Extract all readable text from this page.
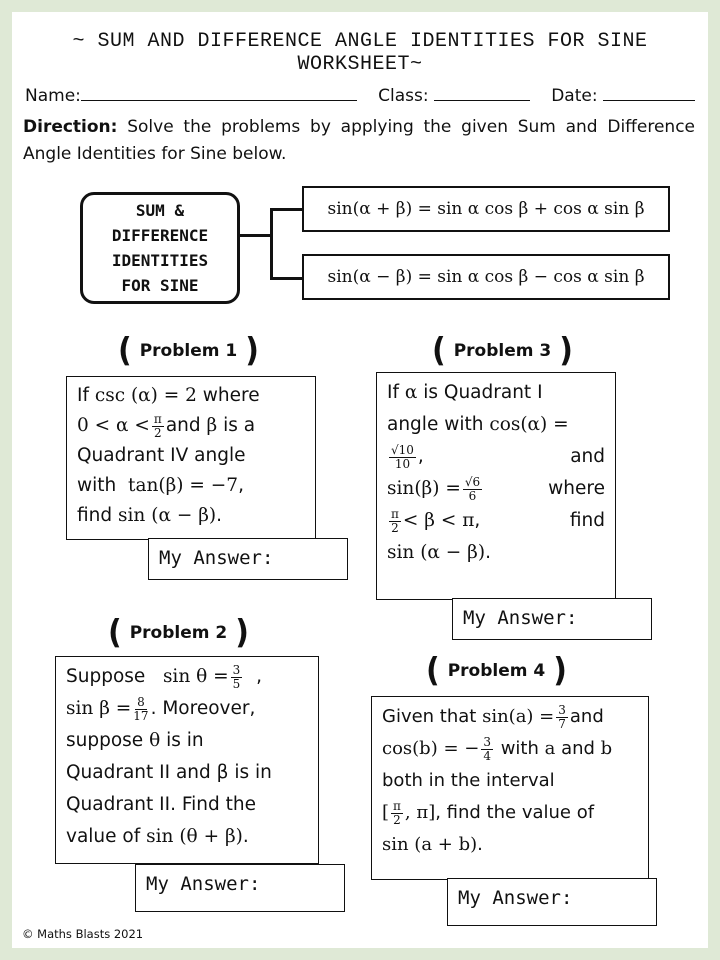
~ SUM AND DIFFERENCE ANGLE IDENTITIES FOR SINE WORKSHEET~
Name:	Class:	Date:
Direction: Solve the problems by applying the given Sum and Difference Angle Identities for Sine below.
SUM & DIFFERENCE IDENTITIES FOR SINE
sin(α + β) = sin α cos β + cos α sin β
sin(α − β) = sin α cos β − cos α sin β
( Problem 1 )
If csc (α) = 2 where
$0 < \alpha < \frac{\pi}{2}$ and β is a
Quadrant IV angle
with  tan(β) = −7,
find sin (α − β).
My Answer:
( Problem 3 )
If α is Quadrant I
angle with cos(α) =

$\frac{√10}{10}$ ,	and

$\sin(\beta) = \frac{√6}{6}$	where

$\frac{\pi}{2} < \beta < \pi$,	find

sin (α − β).
My Answer:
( Problem 2 )
Suppose   $\sin \theta = \frac{3}{5}$ ,
$\sin \beta = \frac{8}{17}$ . Moreover,
suppose θ is in
Quadrant II and β is in
Quadrant II. Find the
value of sin (θ + β).
My Answer:
( Problem 4 )
Given that $\sin(a) = \frac{3}{7}$ and
cos(b) = − $\frac{3}{4}$ with a and b
both in the interval
[ $\frac{\pi}{2}$ , π], find the value of
sin (a + b).
My Answer:
© Maths Blasts 2021
